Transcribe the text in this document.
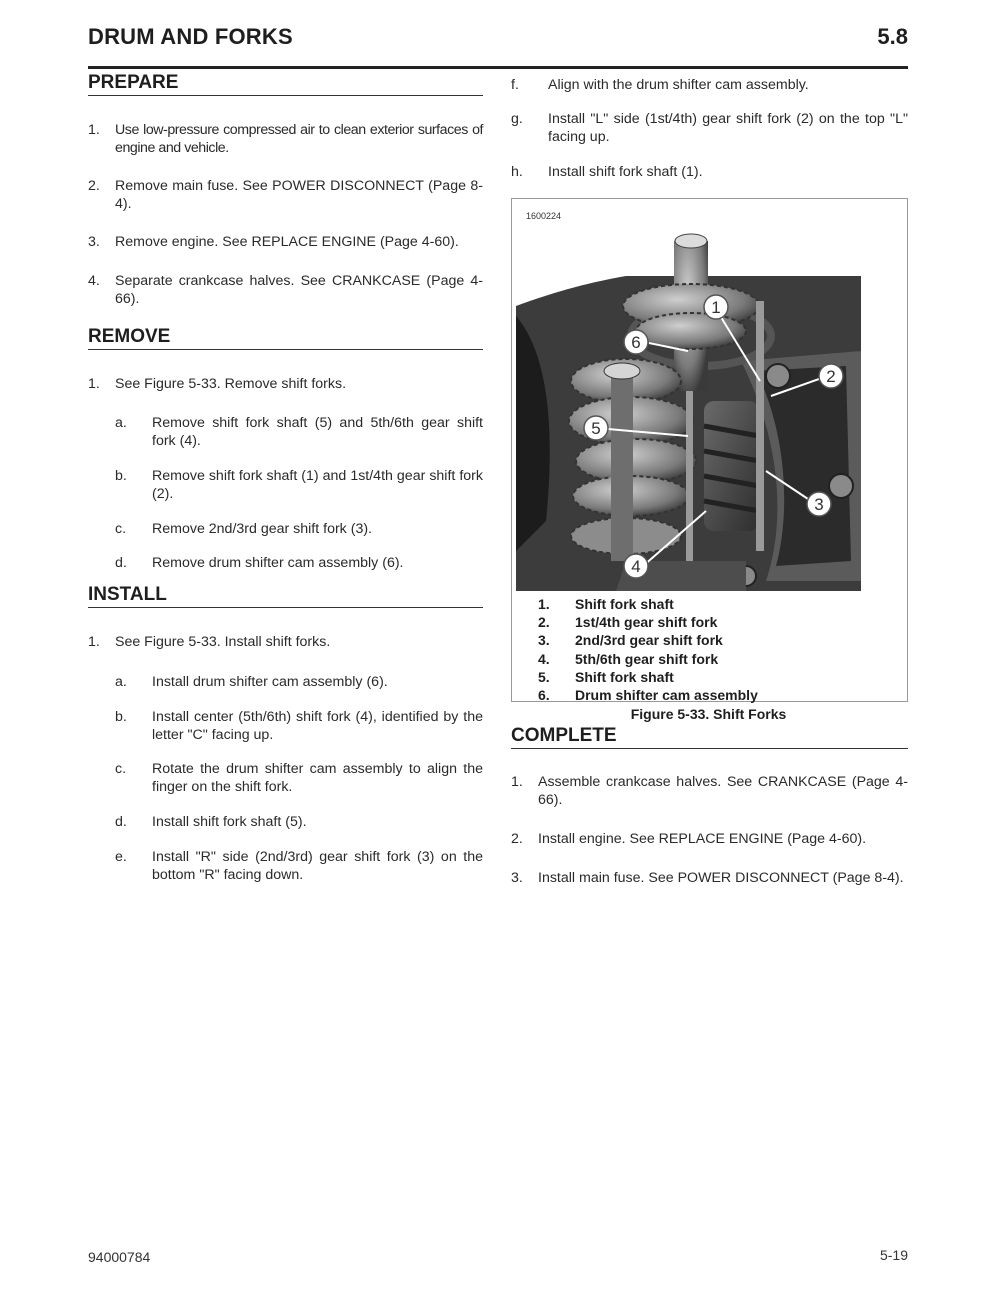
DRUM AND FORKS	5.8
PREPARE
1. Use low-pressure compressed air to clean exterior surfaces of engine and vehicle.
2. Remove main fuse. See POWER DISCONNECT (Page 8-4).
3. Remove engine. See REPLACE ENGINE (Page 4-60).
4. Separate crankcase halves. See CRANKCASE (Page 4-66).
REMOVE
1. See Figure 5-33. Remove shift forks.
a. Remove shift fork shaft (5) and 5th/6th gear shift fork (4).
b. Remove shift fork shaft (1) and 1st/4th gear shift fork (2).
c. Remove 2nd/3rd gear shift fork (3).
d. Remove drum shifter cam assembly (6).
INSTALL
1. See Figure 5-33. Install shift forks.
a. Install drum shifter cam assembly (6).
b. Install center (5th/6th) shift fork (4), identified by the letter "C" facing up.
c. Rotate the drum shifter cam assembly to align the finger on the shift fork.
d. Install shift fork shaft (5).
e. Install "R" side (2nd/3rd) gear shift fork (3) on the bottom "R" facing down.
f. Align with the drum shifter cam assembly.
g. Install "L" side (1st/4th) gear shift fork (2) on the top "L" facing up.
h. Install shift fork shaft (1).
1600224
1
2
3
4
5
6
1. Shift fork shaft
2. 1st/4th gear shift fork
3. 2nd/3rd gear shift fork
4. 5th/6th gear shift fork
5. Shift fork shaft
6. Drum shifter cam assembly
Figure 5-33. Shift Forks
COMPLETE
1. Assemble crankcase halves. See CRANKCASE (Page 4-66).
2. Install engine. See REPLACE ENGINE (Page 4-60).
3. Install main fuse. See POWER DISCONNECT (Page 8-4).
94000784	5-19
